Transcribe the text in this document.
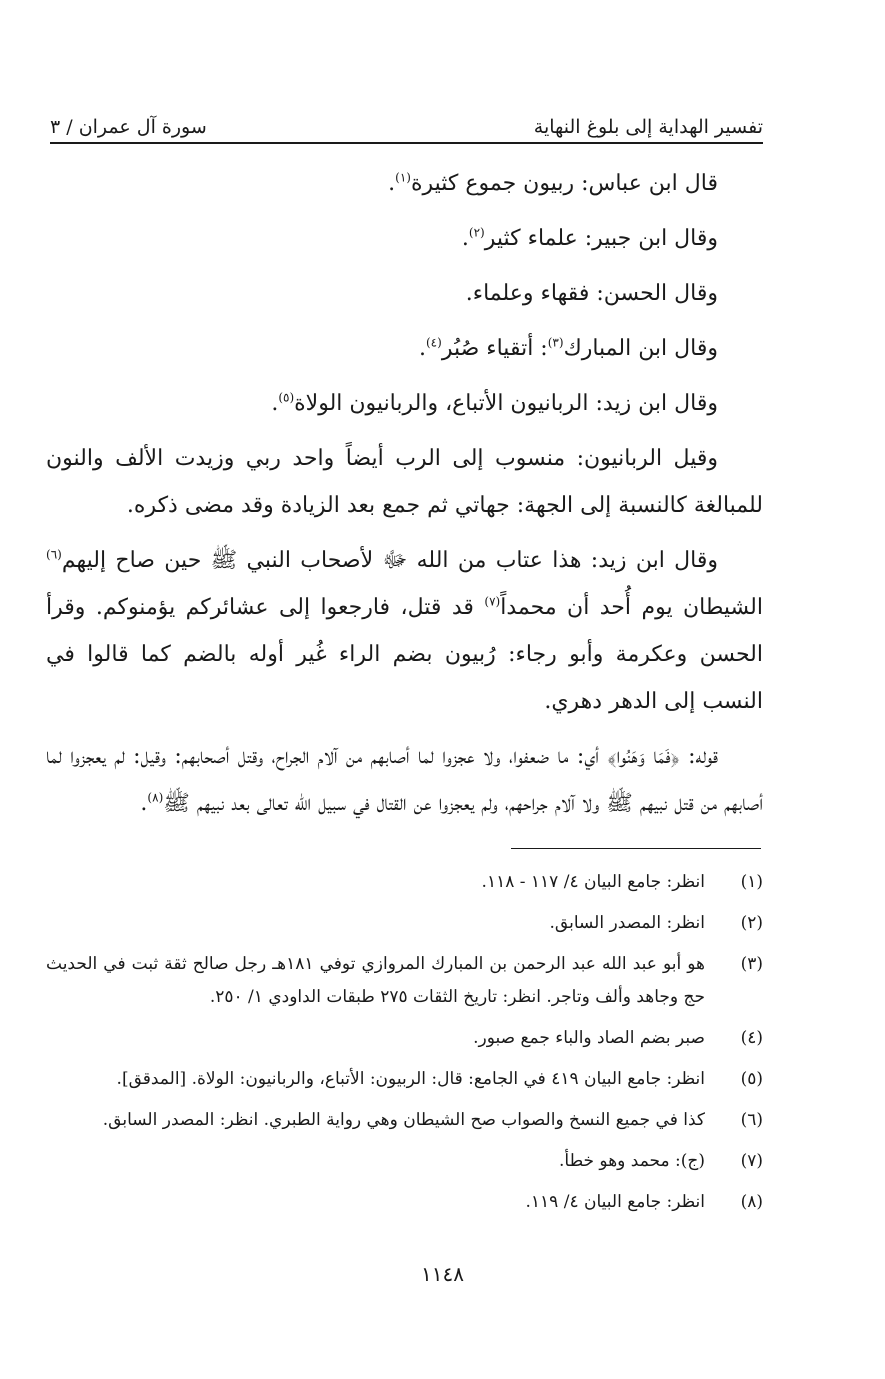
تفسير الهداية إلى بلوغ النهاية
سورة آل عمران / ٣

قال ابن عباس: ربيون جموع كثيرة$^{(١)}$.

وقال ابن جبير: علماء كثير$^{(٢)}$.

وقال الحسن: فقهاء وعلماء.

وقال ابن المبارك$^{(٣)}$: أتقياء صُبُر$^{(٤)}$.

وقال ابن زيد: الربانيون الأتباع، والربانيون الولاة$^{(٥)}$.

وقيل الربانيون: منسوب إلى الرب أيضاً واحد ربي وزيدت الألف والنون للمبالغة كالنسبة إلى الجهة: جهاتي ثم جمع بعد الزيادة وقد مضى ذكره.

وقال ابن زيد: هذا عتاب من الله ﷻ لأصحاب النبي ﷺ حين صاح إليهم$^{(٦)}$ الشيطان يوم أُحد أن محمداً$^{(٧)}$ قد قتل، فارجعوا إلى عشائركم يؤمنوكم. وقرأ الحسن وعكرمة وأبو رجاء: رُبيون بضم الراء غُير أوله بالضم كما قالوا في النسب إلى الدهر دهري.

قوله: ﴿فَمَا وَهَنُوا﴾ أي: ما ضعفوا، ولا عجزوا لما أصابهم من آلام الجراح، وقتل أصحابهم: وقيل: لم يعجزوا لما أصابهم من قتل نبيهم ﷺ ولا آلام جراحهم، ولم يعجزوا عن القتال في سبيل الله تعالى بعد نبيهم ﷺ$^{(٨)}$.

(١)
انظر: جامع البيان ٤/ ١١٧ - ١١٨.
(٢)
انظر: المصدر السابق.
(٣)
هو أبو عبد الله عبد الرحمن بن المبارك المروازي توفي ١٨١هـ رجل صالح ثقة ثبت في الحديث حج وجاهد وألف وتاجر. انظر: تاريخ الثقات ٢٧٥ طبقات الداودي ١/ ٢٥٠.
(٤)
صبر بضم الصاد والباء جمع صبور.
(٥)
انظر: جامع البيان ٤١٩ في الجامع: قال: الربيون: الأتباع، والربانيون: الولاة. [المدقق].
(٦)
كذا في جميع النسخ والصواب صح الشيطان وهي رواية الطبري. انظر: المصدر السابق.
(٧)
(ج): محمد وهو خطأ.
(٨)
انظر: جامع البيان ٤/ ١١٩.
١١٤٨
